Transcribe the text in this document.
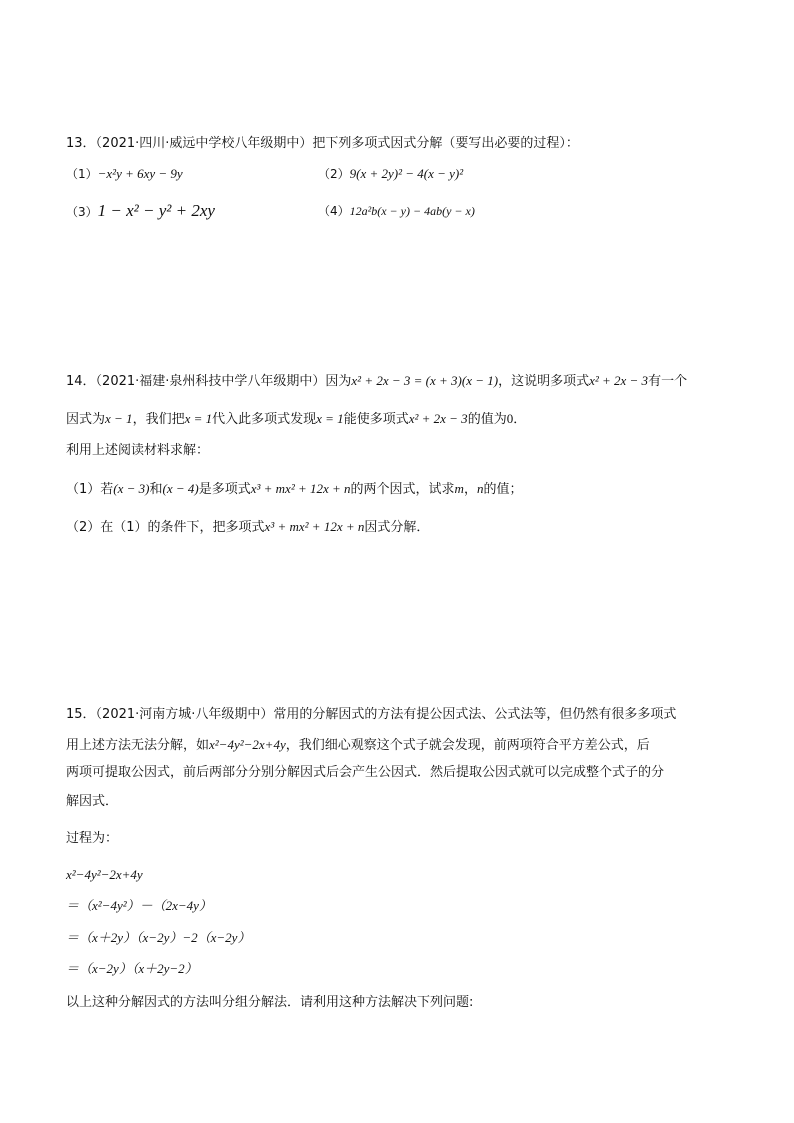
13．（2021·四川·威远中学校八年级期中）把下列多项式因式分解（要写出必要的过程）：
（1）−x²y + 6xy − 9y	（2）9(x + 2y)² − 4(x − y)²
（3）1 − x² − y² + 2xy	（4）12a²b(x − y) − 4ab(y − x)
14．（2021·福建·泉州科技中学八年级期中）因为x² + 2x − 3 = (x + 3)(x − 1)，这说明多项式x² + 2x − 3有一个
因式为x − 1，我们把x = 1代入此多项式发现x = 1能使多项式x² + 2x − 3的值为0．
利用上述阅读材料求解：
（1）若(x − 3)和(x − 4)是多项式x³ + mx² + 12x + n的两个因式，试求m，n的值；
（2）在（1）的条件下，把多项式x³ + mx² + 12x + n因式分解．
15．（2021·河南方城·八年级期中）常用的分解因式的方法有提公因式法、公式法等，但仍然有很多多项式
用上述方法无法分解，如x²−4y²−2x+4y，我们细心观察这个式子就会发现，前两项符合平方差公式，后
两项可提取公因式，前后两部分分别分解因式后会产生公因式．然后提取公因式就可以完成整个式子的分
解因式．
过程为：
x²−4y²−2x+4y
＝（x²−4y²）－（2x−4y）
＝（x＋2y）（x−2y）−2（x−2y）
＝（x−2y）（x＋2y−2）
以上这种分解因式的方法叫分组分解法．请利用这种方法解决下列问题:
